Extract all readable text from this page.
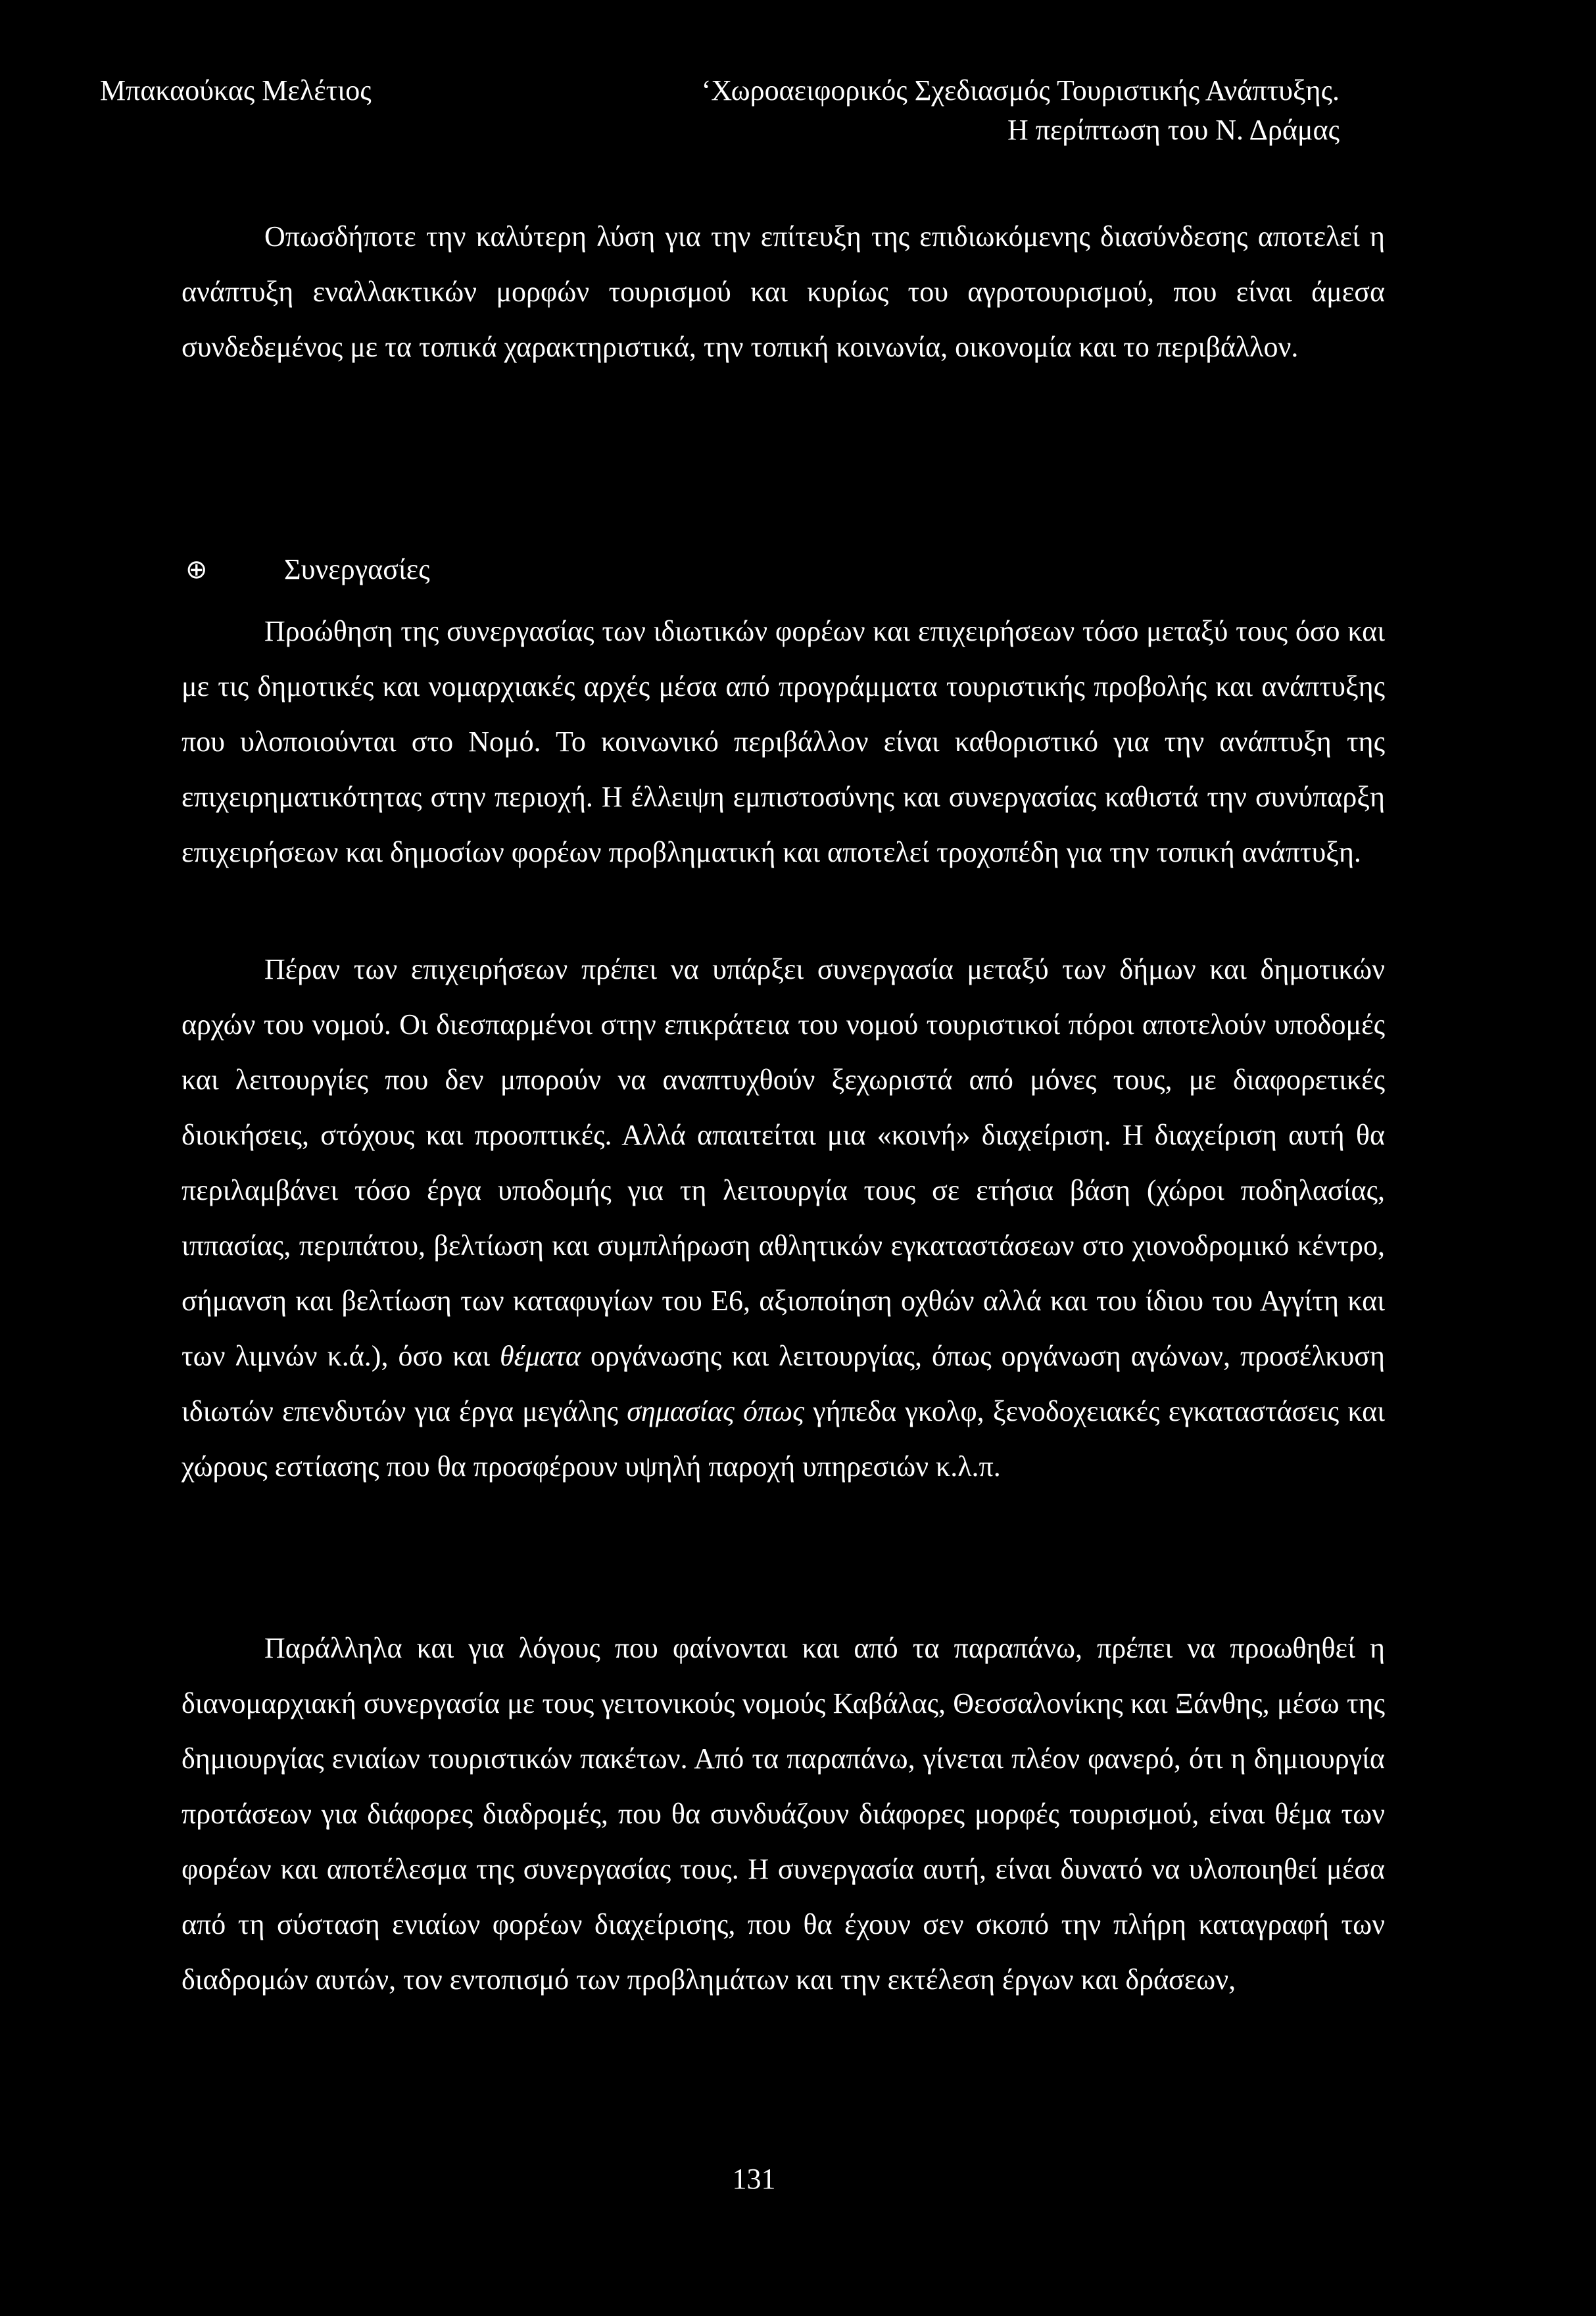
Μπακαούκας Μελέτιος	‘Χωροαειφορικός Σχεδιασμός Τουριστικής Ανάπτυξης.
Η περίπτωση του Ν. Δράμας

Οπωσδήποτε την καλύτερη λύση για την επίτευξη της επιδιωκόμενης διασύνδεσης αποτελεί η ανάπτυξη εναλλακτικών μορφών τουρισμού και κυρίως του αγροτουρισμού, που είναι άμεσα συνδεδεμένος με τα τοπικά χαρακτηριστικά, την τοπική κοινωνία, οικονομία και το περιβάλλον.

⊕	Συνεργασίες

Προώθηση της συνεργασίας των ιδιωτικών φορέων και επιχειρήσεων τόσο μεταξύ τους όσο και με τις δημοτικές και νομαρχιακές αρχές μέσα από προγράμματα τουριστικής προβολής και ανάπτυξης που υλοποιούνται στο Νομό. Το κοινωνικό περιβάλλον είναι καθοριστικό για την ανάπτυξη της επιχειρηματικότητας στην περιοχή. Η έλλειψη εμπιστοσύνης και συνεργασίας καθιστά την συνύπαρξη επιχειρήσεων και δημοσίων φορέων προβληματική και αποτελεί τροχοπέδη για την τοπική ανάπτυξη.

Πέραν των επιχειρήσεων πρέπει να υπάρξει συνεργασία μεταξύ των δήμων και δημοτικών αρχών του νομού. Οι διεσπαρμένοι στην επικράτεια του νομού τουριστικοί πόροι αποτελούν υποδομές και λειτουργίες που δεν μπορούν να αναπτυχθούν ξεχωριστά από μόνες τους, με διαφορετικές διοικήσεις, στόχους και προοπτικές. Αλλά απαιτείται μια «κοινή» διαχείριση. Η διαχείριση αυτή θα περιλαμβάνει τόσο έργα υποδομής για τη λειτουργία τους σε ετήσια βάση (χώροι ποδηλασίας, ιππασίας, περιπάτου, βελτίωση και συμπλήρωση αθλητικών εγκαταστάσεων στο χιονοδρομικό κέντρο, σήμανση και βελτίωση των καταφυγίων του Ε6, αξιοποίηση οχθών αλλά και του ίδιου του Αγγίτη και των λιμνών κ.ά.), όσο και θέματα οργάνωσης και λειτουργίας, όπως οργάνωση αγώνων, προσέλκυση ιδιωτών επενδυτών για έργα μεγάλης σημασίας όπως γήπεδα γκολφ, ξενοδοχειακές εγκαταστάσεις και χώρους εστίασης που θα προσφέρουν υψηλή παροχή υπηρεσιών κ.λ.π.

Παράλληλα και για λόγους που φαίνονται και από τα παραπάνω, πρέπει να προωθηθεί η διανομαρχιακή συνεργασία με τους γειτονικούς νομούς Καβάλας, Θεσσαλονίκης και Ξάνθης, μέσω της δημιουργίας ενιαίων τουριστικών πακέτων. Από τα παραπάνω, γίνεται πλέον φανερό, ότι η δημιουργία προτάσεων για διάφορες διαδρομές, που θα συνδυάζουν διάφορες μορφές τουρισμού, είναι θέμα των φορέων και αποτέλεσμα της συνεργασίας τους. Η συνεργασία αυτή, είναι δυνατό να υλοποιηθεί μέσα από τη σύσταση ενιαίων φορέων διαχείρισης, που θα έχουν σεν σκοπό την πλήρη καταγραφή των διαδρομών αυτών, τον εντοπισμό των προβλημάτων και την εκτέλεση έργων και δράσεων,

131
